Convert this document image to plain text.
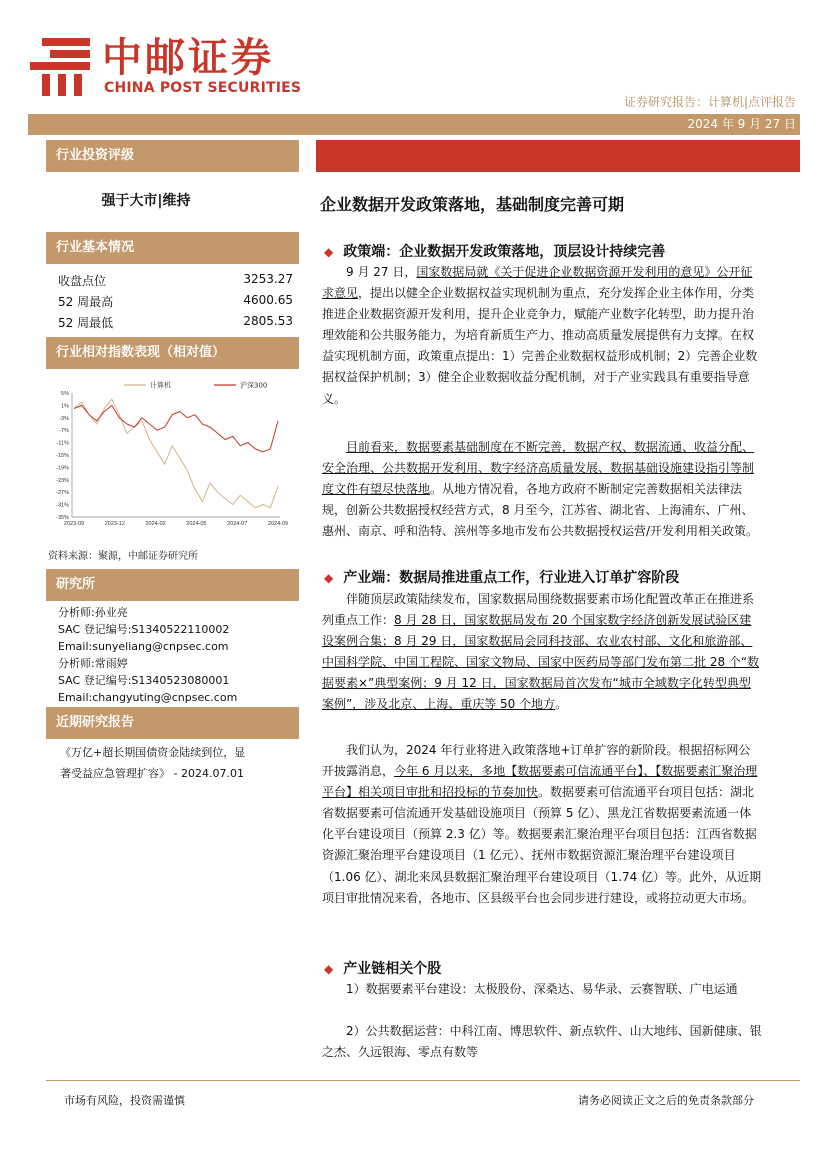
中邮证券
CHINA POST SECURITIES
证券研究报告：计算机|点评报告
2024 年 9 月 27 日
行业投资评级
强于大市|维持
行业基本情况
收盘点位	3253.27
52 周最高	4600.65
52 周最低	2805.53
行业相对指数表现（相对值）
5%
1%
-3%
-7%
-11%
-15%
-19%
-23%
-27%
-31%
-35%
2023-09	2023-12	2024-02	2024-05	2024-07	2024-09
计算机	沪深300
资料来源：聚源，中邮证券研究所
研究所
分析师:孙业亮
SAC 登记编号:S1340522110002
Email:sunyeliang@cnpsec.com
分析师:常雨婷
SAC 登记编号:S1340523080001
Email:changyuting@cnpsec.com
近期研究报告
《万亿+超长期国债资金陆续到位，显
著受益应急管理扩容》 - 2024.07.01
企业数据开发政策落地，基础制度完善可期
◆ 政策端：企业数据开发政策落地，顶层设计持续完善
9 月 27 日，国家数据局就《关于促进企业数据资源开发利用的意见》公开征求意见，提出以健全企业数据权益实现机制为重点，充分发挥企业主体作用，分类推进企业数据资源开发利用，提升企业竞争力，赋能产业数字化转型，助力提升治理效能和公共服务能力，为培育新质生产力、推动高质量发展提供有力支撑。在权益实现机制方面，政策重点提出：1）完善企业数据权益形成机制；2）完善企业数据权益保护机制；3）健全企业数据收益分配机制，对于产业实践具有重要指导意义。
目前看来，数据要素基础制度在不断完善，数据产权、数据流通、收益分配、安全治理、公共数据开发利用、数字经济高质量发展、数据基础设施建设指引等制度文件有望尽快落地。从地方情况看，各地方政府不断制定完善数据相关法律法规，创新公共数据授权经营方式，8 月至今，江苏省、湖北省、上海浦东、广州、惠州、南京、呼和浩特、滨州等多地市发布公共数据授权运营/开发利用相关政策。
◆ 产业端：数据局推进重点工作，行业进入订单扩容阶段
伴随顶层政策陆续发布，国家数据局围绕数据要素市场化配置改革正在推进系列重点工作：8 月 28 日，国家数据局发布 20 个国家数字经济创新发展试验区建设案例合集；8 月 29 日，国家数据局会同科技部、农业农村部、文化和旅游部、中国科学院、中国工程院、国家文物局、国家中医药局等部门发布第二批 28 个“数据要素×”典型案例；9 月 12 日，国家数据局首次发布“城市全域数字化转型典型案例”，涉及北京、上海、重庆等 50 个地方。
我们认为，2024 年行业将进入政策落地+订单扩容的新阶段。根据招标网公开披露消息，今年 6 月以来，多地【数据要素可信流通平台】、【数据要素汇聚治理平台】相关项目审批和招投标的节奏加快。数据要素可信流通平台项目包括：湖北省数据要素可信流通开发基础设施项目（预算 5 亿）、黑龙江省数据要素流通一体化平台建设项目（预算 2.3 亿）等。数据要素汇聚治理平台项目包括：江西省数据资源汇聚治理平台建设项目（1 亿元）、抚州市数据资源汇聚治理平台建设项目（1.06 亿）、湖北来凤县数据汇聚治理平台建设项目（1.74 亿）等。此外，从近期项目审批情况来看，各地市、区县级平台也会同步进行建设，或将拉动更大市场。
◆ 产业链相关个股
1）数据要素平台建设：太极股份、深桑达、易华录、云赛智联、广电运通
2）公共数据运营：中科江南、博思软件、新点软件、山大地纬、国新健康、银之杰、久远银海、零点有数等
市场有风险，投资需谨慎	请务必阅读正文之后的免责条款部分
